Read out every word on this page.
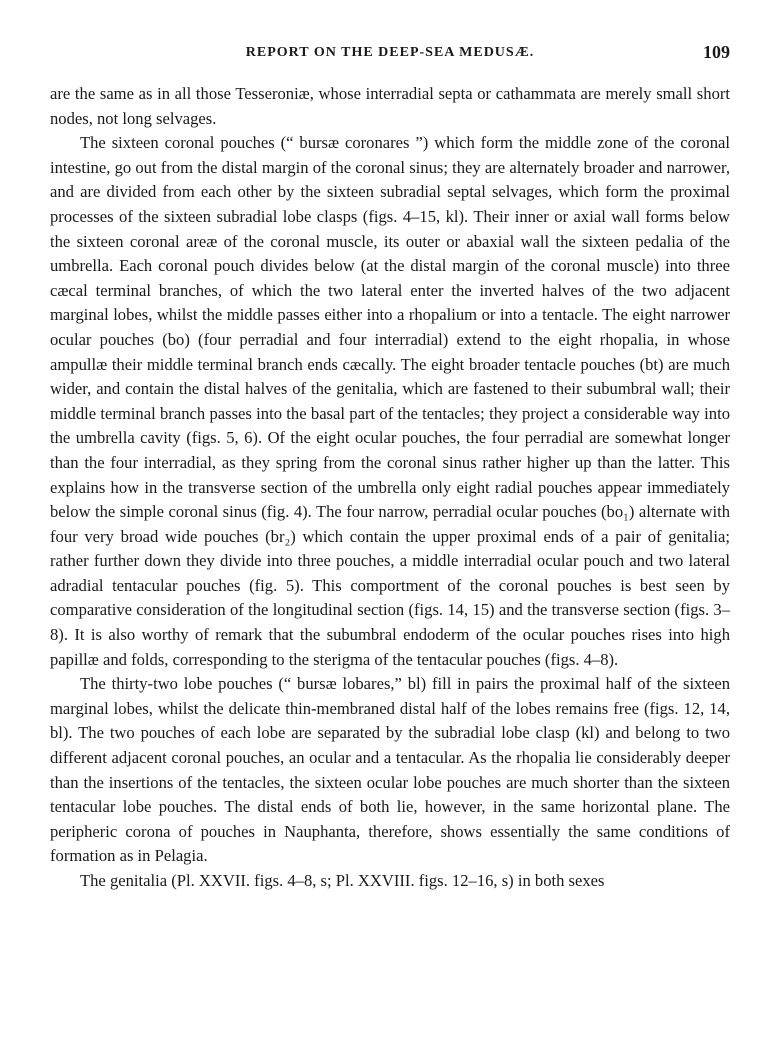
REPORT ON THE DEEP-SEA MEDUSÆ.	109

are the same as in all those Tesseroniæ, whose interradial septa or cathammata are merely small short nodes, not long selvages.

The sixteen coronal pouches (“ bursæ coronares ”) which form the middle zone of the coronal intestine, go out from the distal margin of the coronal sinus; they are alternately broader and narrower, and are divided from each other by the sixteen subradial septal selvages, which form the proximal processes of the sixteen subradial lobe clasps (figs. 4–15, kl). Their inner or axial wall forms below the sixteen coronal areæ of the coronal muscle, its outer or abaxial wall the sixteen pedalia of the umbrella. Each coronal pouch divides below (at the distal margin of the coronal muscle) into three cæcal terminal branches, of which the two lateral enter the inverted halves of the two adjacent marginal lobes, whilst the middle passes either into a rhopalium or into a tentacle. The eight narrower ocular pouches (bo) (four perradial and four interradial) extend to the eight rhopalia, in whose ampullæ their middle terminal branch ends cæcally. The eight broader tentacle pouches (bt) are much wider, and contain the distal halves of the genitalia, which are fastened to their subumbral wall; their middle terminal branch passes into the basal part of the tentacles; they project a considerable way into the umbrella cavity (figs. 5, 6). Of the eight ocular pouches, the four perradial are somewhat longer than the four interradial, as they spring from the coronal sinus rather higher up than the latter. This explains how in the transverse section of the umbrella only eight radial pouches appear immediately below the simple coronal sinus (fig. 4). The four narrow, perradial ocular pouches (bo₁) alternate with four very broad wide pouches (br₂) which contain the upper proximal ends of a pair of genitalia; rather further down they divide into three pouches, a middle interradial ocular pouch and two lateral adradial tentacular pouches (fig. 5). This comportment of the coronal pouches is best seen by comparative consideration of the longitudinal section (figs. 14, 15) and the transverse section (figs. 3–8). It is also worthy of remark that the subumbral endoderm of the ocular pouches rises into high papillæ and folds, corresponding to the sterigma of the tentacular pouches (figs. 4–8).

The thirty-two lobe pouches (“ bursæ lobares,” bl) fill in pairs the proximal half of the sixteen marginal lobes, whilst the delicate thin-membraned distal half of the lobes remains free (figs. 12, 14, bl). The two pouches of each lobe are separated by the subradial lobe clasp (kl) and belong to two different adjacent coronal pouches, an ocular and a tentacular. As the rhopalia lie considerably deeper than the insertions of the tentacles, the sixteen ocular lobe pouches are much shorter than the sixteen tentacular lobe pouches. The distal ends of both lie, however, in the same horizontal plane. The peripheric corona of pouches in Nauphanta, therefore, shows essentially the same conditions of formation as in Pelagia.

The genitalia (Pl. XXVII. figs. 4–8, s; Pl. XXVIII. figs. 12–16, s) in both sexes
